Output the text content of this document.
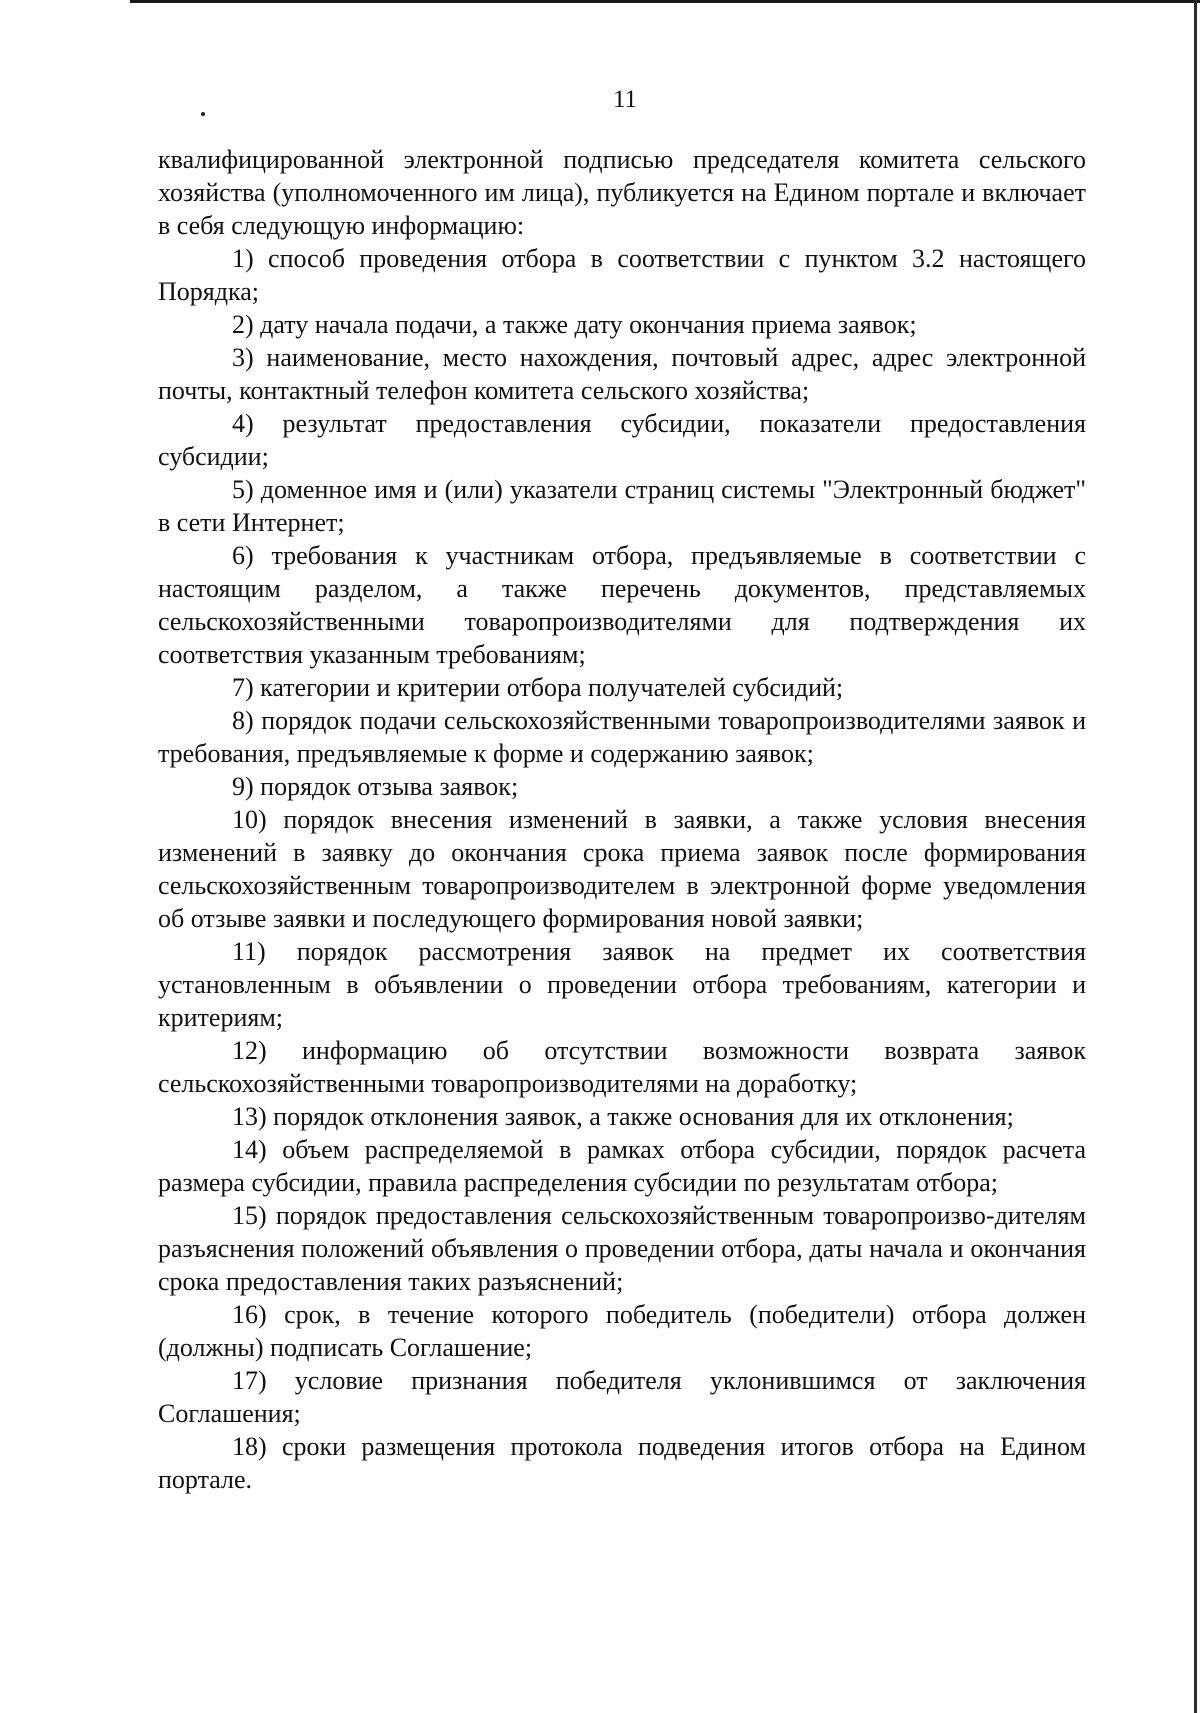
11

квалифицированной электронной подписью председателя комитета сельского хозяйства (уполномоченного им лица), публикуется на Едином портале и включает в себя следующую информацию:

1) способ проведения отбора в соответствии с пунктом 3.2 настоящего Порядка;

2) дату начала подачи, а также дату окончания приема заявок;

3) наименование, место нахождения, почтовый адрес, адрес электронной почты, контактный телефон комитета сельского хозяйства;

4) результат предоставления субсидии, показатели предоставления субсидии;

5) доменное имя и (или) указатели страниц системы "Электронный бюджет" в сети Интернет;

6) требования к участникам отбора, предъявляемые в соответствии с настоящим разделом, а также перечень документов, представляемых сельскохозяйственными товаропроизводителями для подтверждения их соответствия указанным требованиям;

7) категории и критерии отбора получателей субсидий;

8) порядок подачи сельскохозяйственными товаропроизводителями заявок и требования, предъявляемые к форме и содержанию заявок;

9) порядок отзыва заявок;

10) порядок внесения изменений в заявки, а также условия внесения изменений в заявку до окончания срока приема заявок после формирования сельскохозяйственным товаропроизводителем в электронной форме уведомления об отзыве заявки и последующего формирования новой заявки;

11) порядок рассмотрения заявок на предмет их соответствия установленным в объявлении о проведении отбора требованиям, категории и критериям;

12) информацию об отсутствии возможности возврата заявок сельскохозяйственными товаропроизводителями на доработку;

13) порядок отклонения заявок, а также основания для их отклонения;

14) объем распределяемой в рамках отбора субсидии, порядок расчета размера субсидии, правила распределения субсидии по результатам отбора;

15) порядок предоставления сельскохозяйственным товаропроизво-дителям разъяснения положений объявления о проведении отбора, даты начала и окончания срока предоставления таких разъяснений;

16) срок, в течение которого победитель (победители) отбора должен (должны) подписать Соглашение;

17) условие признания победителя уклонившимся от заключения Соглашения;

18) сроки размещения протокола подведения итогов отбора на Едином портале.
